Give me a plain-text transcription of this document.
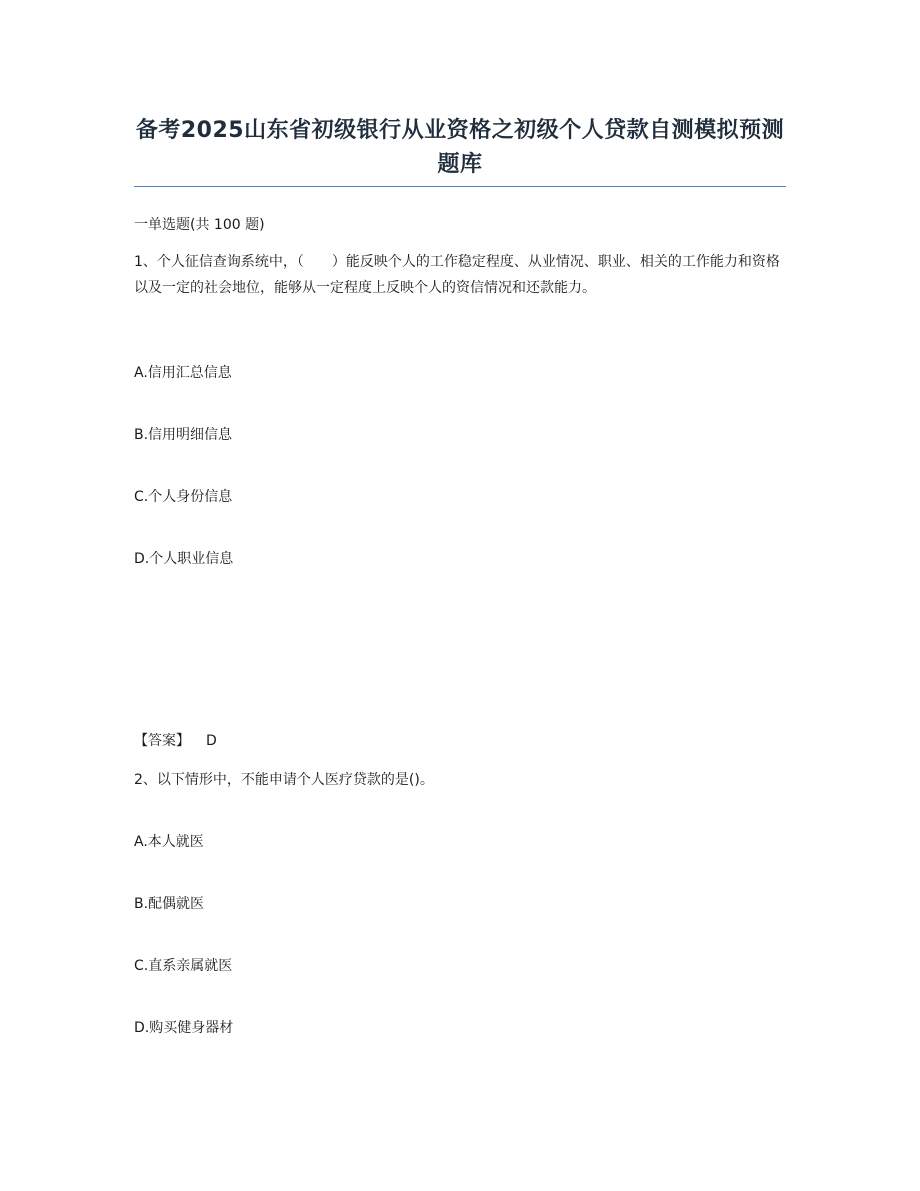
备考2025山东省初级银行从业资格之初级个人贷款自测模拟预测题库
一单选题(共 100 题)
1、个人征信查询系统中，（　　）能反映个人的工作稳定程度、从业情况、职业、相关的工作能力和资格以及一定的社会地位，能够从一定程度上反映个人的资信情况和还款能力。
A.信用汇总信息
B.信用明细信息
C.个人身份信息
D.个人职业信息
【答案】 D
2、以下情形中，不能申请个人医疗贷款的是()。
A.本人就医
B.配偶就医
C.直系亲属就医
D.购买健身器材
